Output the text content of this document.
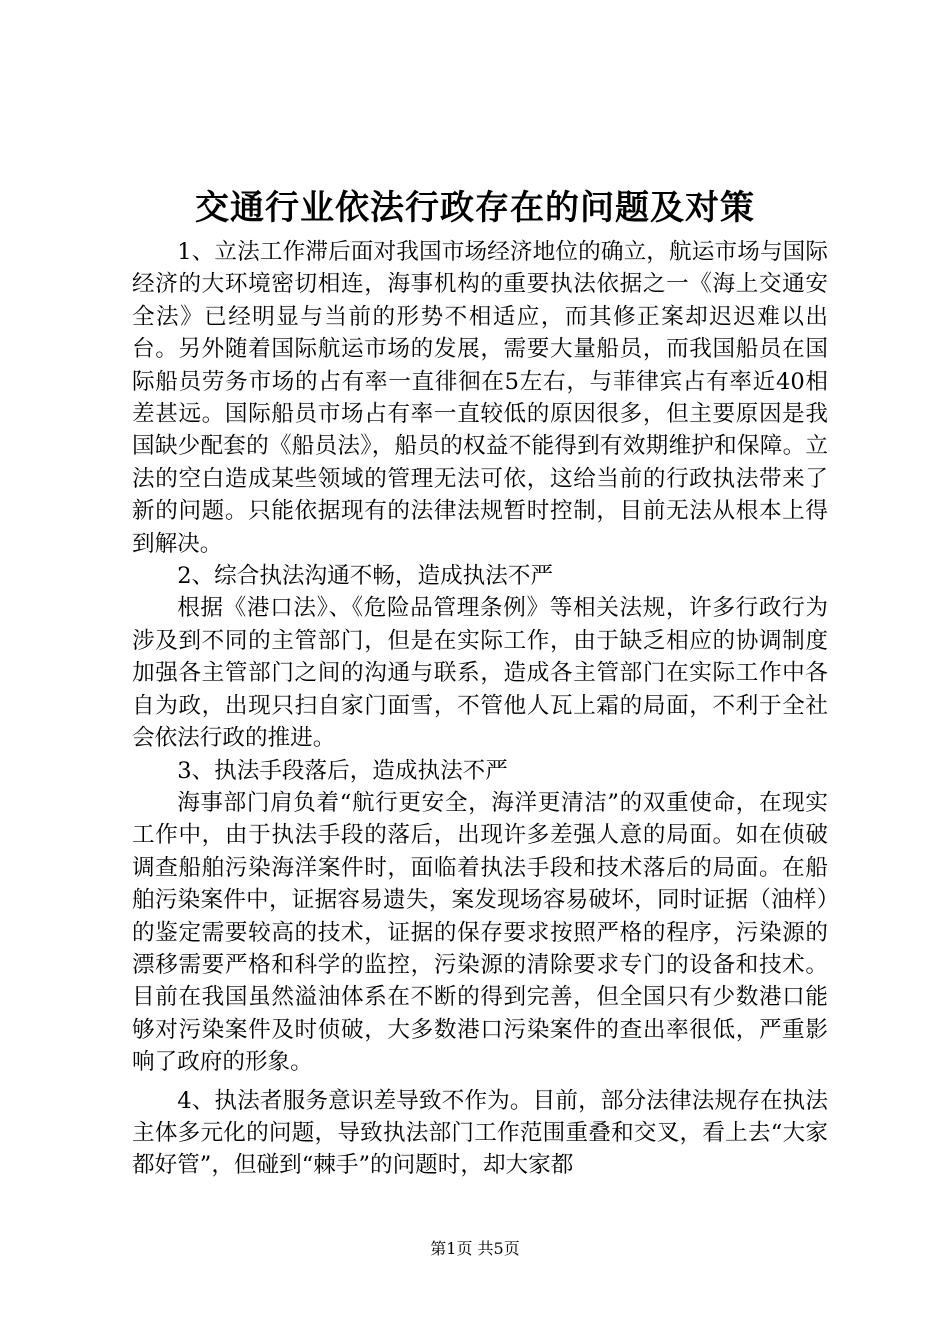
交通行业依法行政存在的问题及对策

1、立法工作滞后面对我国市场经济地位的确立，航运市场与国际经济的大环境密切相连，海事机构的重要执法依据之一《海上交通安全法》已经明显与当前的形势不相适应，而其修正案却迟迟难以出台。另外随着国际航运市场的发展，需要大量船员，而我国船员在国际船员劳务市场的占有率一直徘徊在5左右，与菲律宾占有率近40相差甚远。国际船员市场占有率一直较低的原因很多，但主要原因是我国缺少配套的《船员法》，船员的权益不能得到有效期维护和保障。立法的空白造成某些领域的管理无法可依，这给当前的行政执法带来了新的问题。只能依据现有的法律法规暂时控制，目前无法从根本上得到解决。

2、综合执法沟通不畅，造成执法不严

根据《港口法》、《危险品管理条例》等相关法规，许多行政行为涉及到不同的主管部门，但是在实际工作，由于缺乏相应的协调制度加强各主管部门之间的沟通与联系，造成各主管部门在实际工作中各自为政，出现只扫自家门面雪，不管他人瓦上霜的局面，不利于全社会依法行政的推进。

3、执法手段落后，造成执法不严

海事部门肩负着“航行更安全，海洋更清洁”的双重使命，在现实工作中，由于执法手段的落后，出现许多差强人意的局面。如在侦破调查船舶污染海洋案件时，面临着执法手段和技术落后的局面。在船舶污染案件中，证据容易遗失，案发现场容易破坏，同时证据（油样）的鉴定需要较高的技术，证据的保存要求按照严格的程序，污染源的漂移需要严格和科学的监控，污染源的清除要求专门的设备和技术。目前在我国虽然溢油体系在不断的得到完善，但全国只有少数港口能够对污染案件及时侦破，大多数港口污染案件的查出率很低，严重影响了政府的形象。

4、执法者服务意识差导致不作为。目前，部分法律法规存在执法主体多元化的问题，导致执法部门工作范围重叠和交叉，看上去“大家都好管”，但碰到“棘手”的问题时，却大家都

第1页 共5页
